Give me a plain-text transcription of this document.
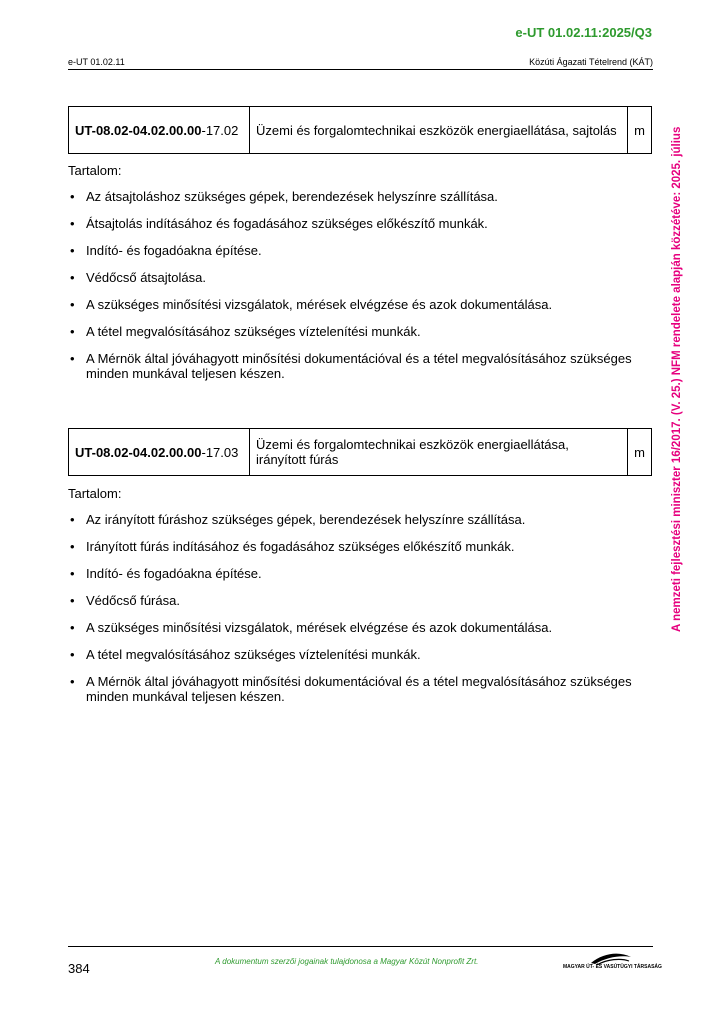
e-UT 01.02.11:2025/Q3
e-UT 01.02.11	Közúti Ágazati Tételrend (KÁT)
A nemzeti fejlesztési miniszter 16/2017. (V. 25.) NFM rendelete alapján közzétéve: 2025. július
UT-08.02-04.02.00.00-17.02	Üzemi és forgalomtechnikai eszközök energiaellátása, sajtolás	m
Tartalom:
• Az átsajtoláshoz szükséges gépek, berendezések helyszínre szállítása.
• Átsajtolás indításához és fogadásához szükséges előkészítő munkák.
• Indító- és fogadóakna építése.
• Védőcső átsajtolása.
• A szükséges minősítési vizsgálatok, mérések elvégzése és azok dokumentálása.
• A tétel megvalósításához szükséges víztelenítési munkák.
• A Mérnök által jóváhagyott minősítési dokumentációval és a tétel megvalósításához szükséges minden munkával teljesen készen.
UT-08.02-04.02.00.00-17.03	Üzemi és forgalomtechnikai eszközök energiaellátása, irányított fúrás	m
Tartalom:
• Az irányított fúráshoz szükséges gépek, berendezések helyszínre szállítása.
• Irányított fúrás indításához és fogadásához szükséges előkészítő munkák.
• Indító- és fogadóakna építése.
• Védőcső fúrása.
• A szükséges minősítési vizsgálatok, mérések elvégzése és azok dokumentálása.
• A tétel megvalósításához szükséges víztelenítési munkák.
• A Mérnök által jóváhagyott minősítési dokumentációval és a tétel megvalósításához szükséges minden munkával teljesen készen.
384	A dokumentum szerzői jogainak tulajdonosa a Magyar Közút Nonprofit Zrt.
MAGYAR ÚT- ÉS VASÚTÜGYI TÁRSASÁG
